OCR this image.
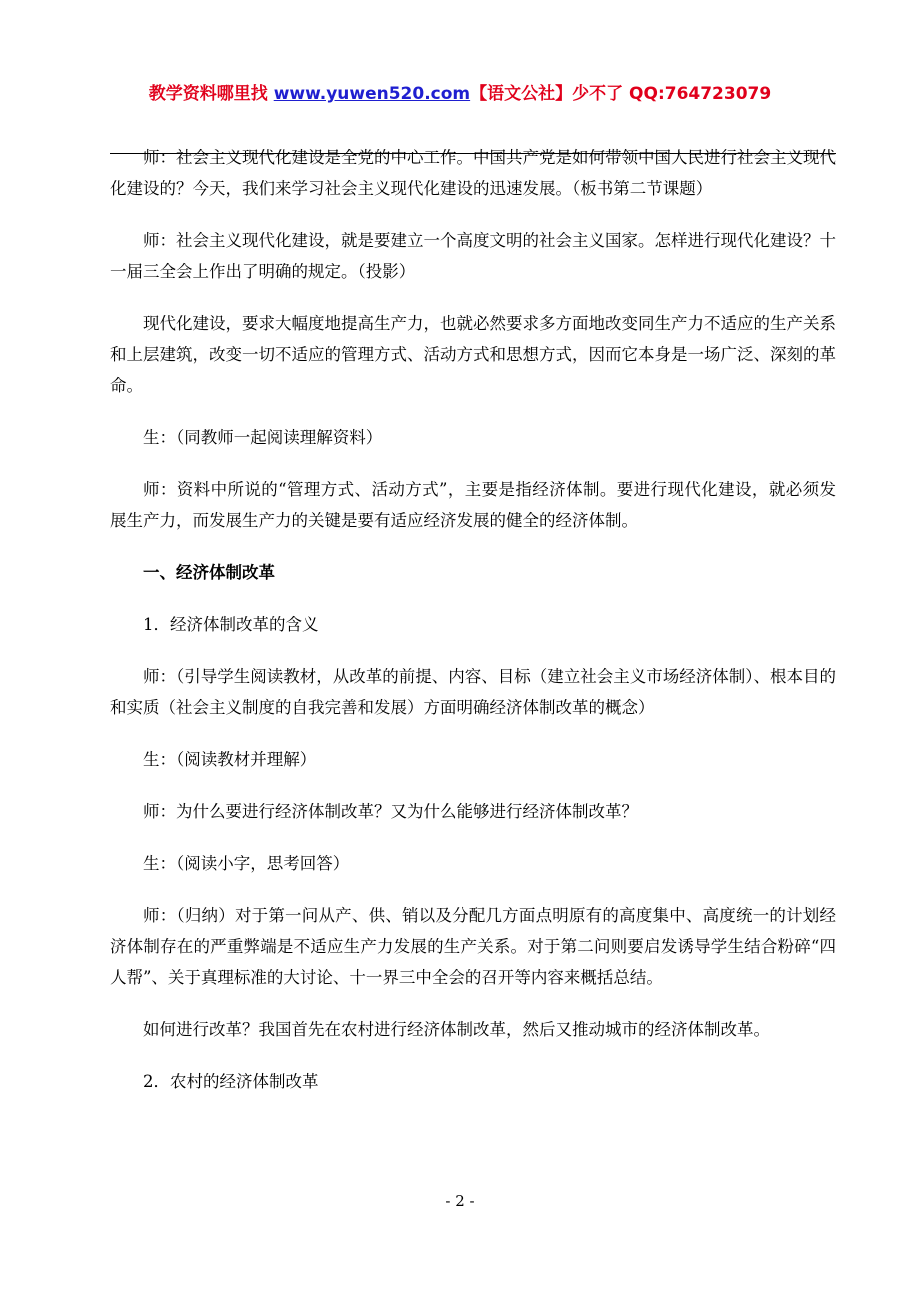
教学资料哪里找 www.yuwen520.com【语文公社】少不了 QQ:764723079

师：社会主义现代化建设是全党的中心工作。中国共产党是如何带领中国人民进行社会主义现代化建设的？今天，我们来学习社会主义现代化建设的迅速发展。（板书第二节课题）

师：社会主义现代化建设，就是要建立一个高度文明的社会主义国家。怎样进行现代化建设？十一届三全会上作出了明确的规定。（投影）

现代化建设，要求大幅度地提高生产力，也就必然要求多方面地改变同生产力不适应的生产关系和上层建筑，改变一切不适应的管理方式、活动方式和思想方式，因而它本身是一场广泛、深刻的革命。

生：（同教师一起阅读理解资料）

师：资料中所说的“管理方式、活动方式”，主要是指经济体制。要进行现代化建设，就必须发展生产力，而发展生产力的关键是要有适应经济发展的健全的经济体制。

一、经济体制改革

1．经济体制改革的含义

师：（引导学生阅读教材，从改革的前提、内容、目标（建立社会主义市场经济体制）、根本目的和实质（社会主义制度的自我完善和发展）方面明确经济体制改革的概念）

生：（阅读教材并理解）

师：为什么要进行经济体制改革？又为什么能够进行经济体制改革？

生：（阅读小字，思考回答）

师：（归纳）对于第一问从产、供、销以及分配几方面点明原有的高度集中、高度统一的计划经济体制存在的严重弊端是不适应生产力发展的生产关系。对于第二问则要启发诱导学生结合粉碎“四人帮”、关于真理标准的大讨论、十一界三中全会的召开等内容来概括总结。

如何进行改革？我国首先在农村进行经济体制改革，然后又推动城市的经济体制改革。

2．农村的经济体制改革

- 2 -
